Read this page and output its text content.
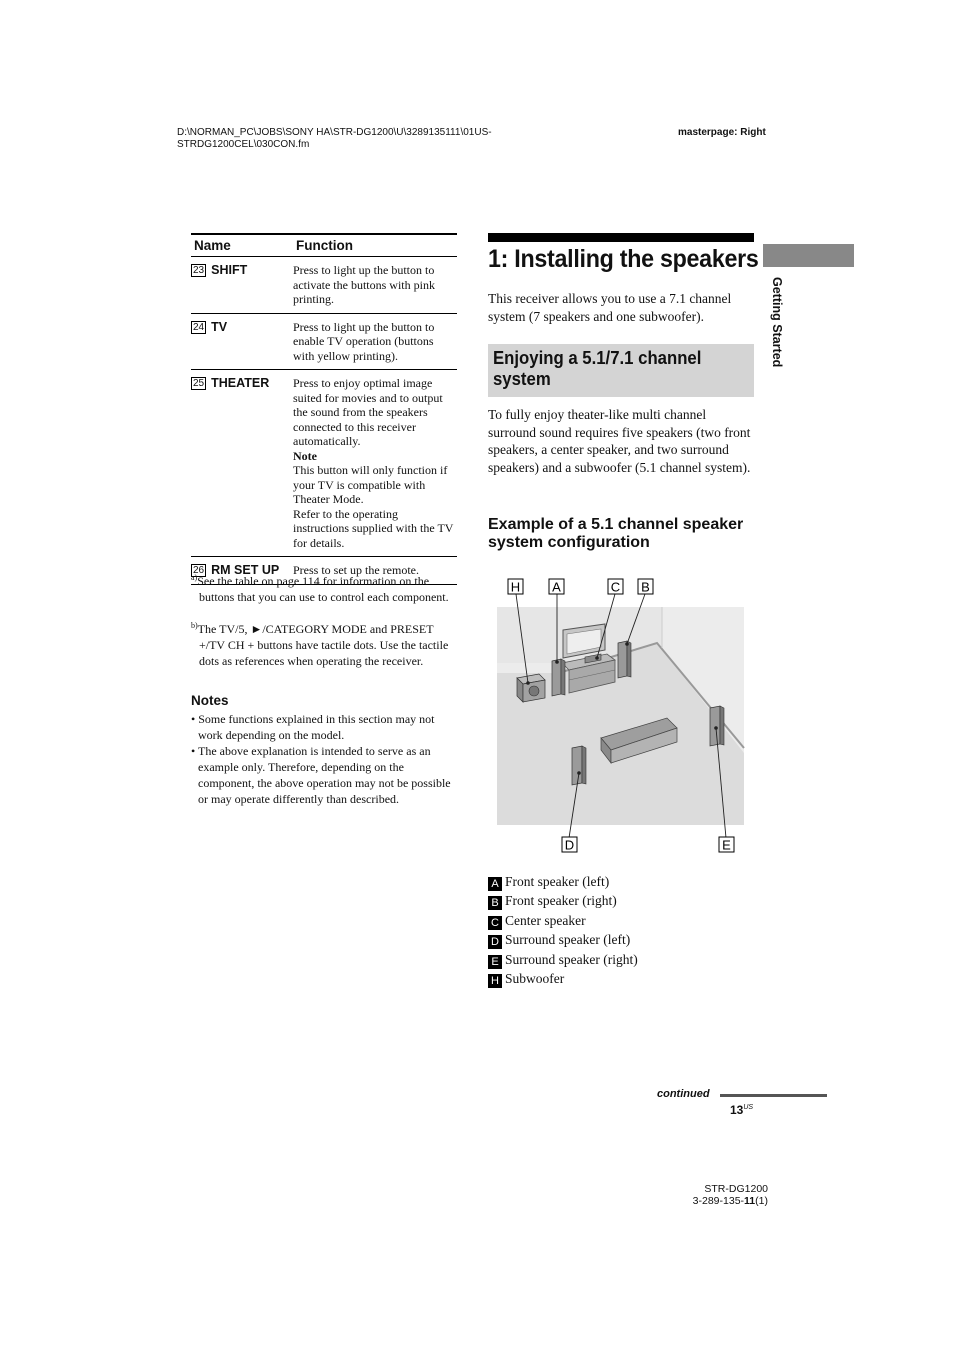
D:\NORMAN_PC\JOBS\SONY HA\STR-DG1200\U\3289135111\01US-
STRDG1200CEL\030CON.fm
masterpage: Right
Name	Function
23 SHIFT	Press to light up the button to activate the buttons with pink printing.
24 TV	Press to light up the button to enable TV operation (buttons with yellow printing).
25 THEATER	Press to enjoy optimal image suited for movies and to output the sound from the speakers connected to this receiver automatically.
Note
This button will only function if your TV is compatible with Theater Mode.
Refer to the operating instructions supplied with the TV for details.

26 RM SET UP	Press to set up the remote.
$^{a)}$See the table on page 114 for information on the
buttons that you can use to control each component.
$^{b)}$The TV/5, ►/CATEGORY MODE and PRESET
+/TV CH + buttons have tactile dots. Use the tactile dots as references when operating the receiver.
Notes
• Some functions explained in this section may not work depending on the model.
• The above explanation is intended to serve as an example only. Therefore, depending on the component, the above operation may not be possible or may operate differently than described.
1: Installing the speakers
This receiver allows you to use a 7.1 channel system (7 speakers and one subwoofer).
Enjoying a 5.1/7.1 channel system
To fully enjoy theater-like multi channel surround sound requires five speakers (two front speakers, a center speaker, and two surround speakers) and a subwoofer (5.1 channel system).
Example of a 5.1 channel speaker system configuration
H A	C B
D	E
A Front speaker (left)
B Front speaker (right)
C Center speaker
D Surround speaker (left)
E Surround speaker (right)
H Subwoofer
Getting Started
continued
$13^{US}$
STR-DG1200
3-289-135-11(1)
